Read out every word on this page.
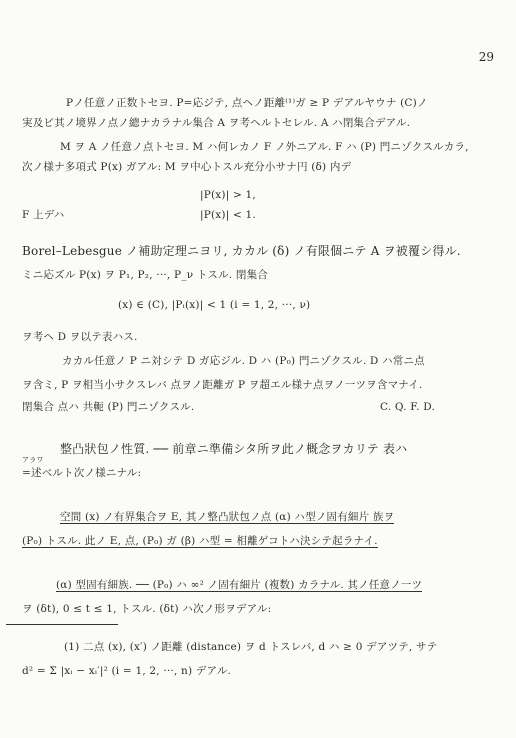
29
Pノ任意ノ正数トセヨ. P=応ジテ, 点ヘノ距離⁽¹⁾ガ ≥ P デアルヤウナ (C)ノ
実及ビ其ノ境界ノ点ノ總ナカラナル集合 A ヲ考ヘルトセレル. A ハ閉集合デアル.
M ヲ A ノ任意ノ点トセヨ. M ハ何レカノ F ノ外ニアル. F ハ (P) 門ニゾクスルカラ,
次ノ様ナ多項式 P(x) ガアル: M ヲ中心トスル充分小サナ円 (δ) 内デ
|P(x)| > 1,
F 上デハ	|P(x)| < 1.
Borel–Lebesgue ノ補助定理ニヨリ, カカル (δ) ノ有限個ニテ A ヲ被覆シ得ル.
ミニ応ズル P(x) ヲ P₁, P₂, ···, P_ν トスル. 閉集合
(x) ∈ (C), |Pᵢ(x)| < 1 (i = 1, 2, ···, ν)
ヲ考ヘ D ヲ以テ表ハス.
カカル任意ノ P ニ対シテ D ガ応ジル. D ハ (P₀) 門ニゾクスル. D ハ常ニ点
ヲ含ミ, P ヲ相当小サクスレバ 点ヲノ距離ガ P ヲ超エル様ナ点ヲノ一ツヲ含マナイ.
閉集合 点ハ 共軛 (P) 門ニゾクスル.	C. Q. F. D.
整凸狀包ノ性質. ── 前章ニ準備シタ所ヲ此ノ概念ヲカリテ 表ハ
アラワ
=述ベルト次ノ様ニナル:
空間 (x) ノ有界集合ヲ E, 其ノ整凸狀包ノ点 (α) ハ型ノ固有細片 族ヲ
(P₀) トスル. 此ノ E, 点, (P₀) ガ (β) ハ型 = 相離ゲコトハ決シテ起ラナイ.
(α) 型固有細族. ── (P₀) ハ ∞² ノ固有細片 (複数) カラナル. 其ノ任意ノ一ツ
ヲ (δt), 0 ≤ t ≤ 1, トスル. (δt) ハ次ノ形ヲデアル:
(1) 二点 (x), (x′) ノ距離 (distance) ヲ d トスレバ, d ハ ≥ 0 デアツテ, サテ
d² = Σ |xᵢ − xᵢ′|² (i = 1, 2, ···, n) デアル.
